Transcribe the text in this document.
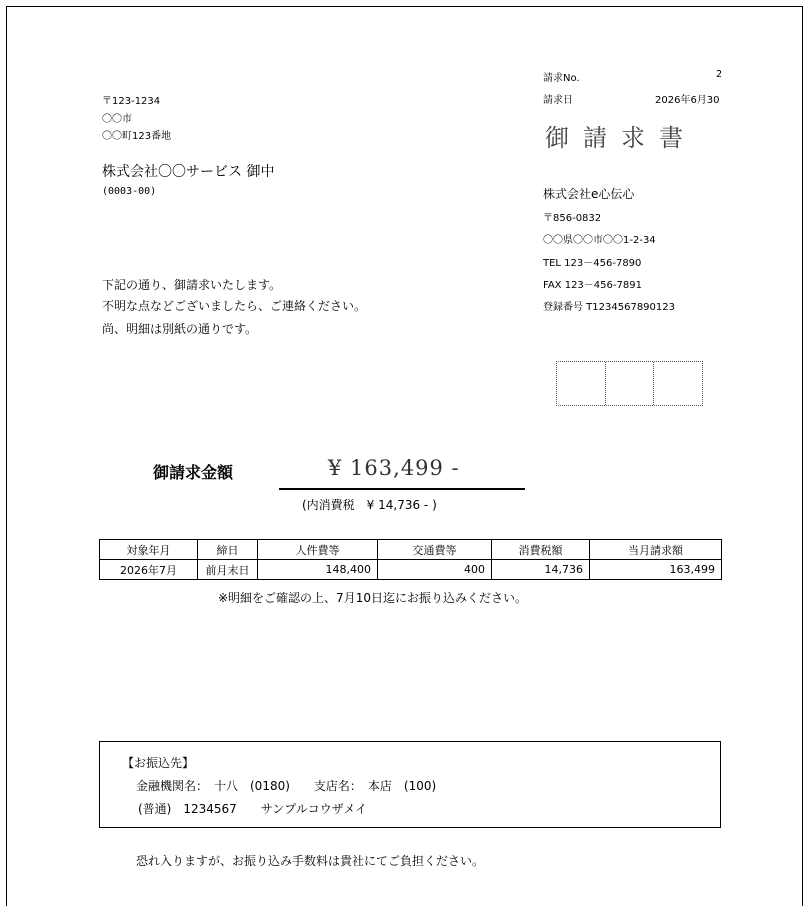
請求No.	2
請求日	2026年6月30
御請求書
〒123-1234
〇〇市
〇〇町123番地
株式会社〇〇サービス 御中
(0003-00)	株式会社e心伝心
〒856-0832
〇〇県〇〇市〇〇1-2-34
TEL 123－456-7890
FAX 123－456-7891
登録番号 T1234567890123
下記の通り、御請求いたします。
不明な点などございましたら、ご連絡ください。
尚、明細は別紙の通りです。
御請求金額	¥ 163,499 -
(内消費税　¥ 14,736 - )
対象年月	締日	人件費等	交通費等	消費税額	当月請求額
2026年7月	前月末日	148,400	400	14,736	163,499
※明細をご確認の上、7月10日迄にお振り込みください。
【お振込先】
金融機関名：　十八　(0180)　　支店名：　本店　(100)
(普通)　1234567　　サンプルコウザメイ
恐れ入りますが、お振り込み手数料は貴社にてご負担ください。
